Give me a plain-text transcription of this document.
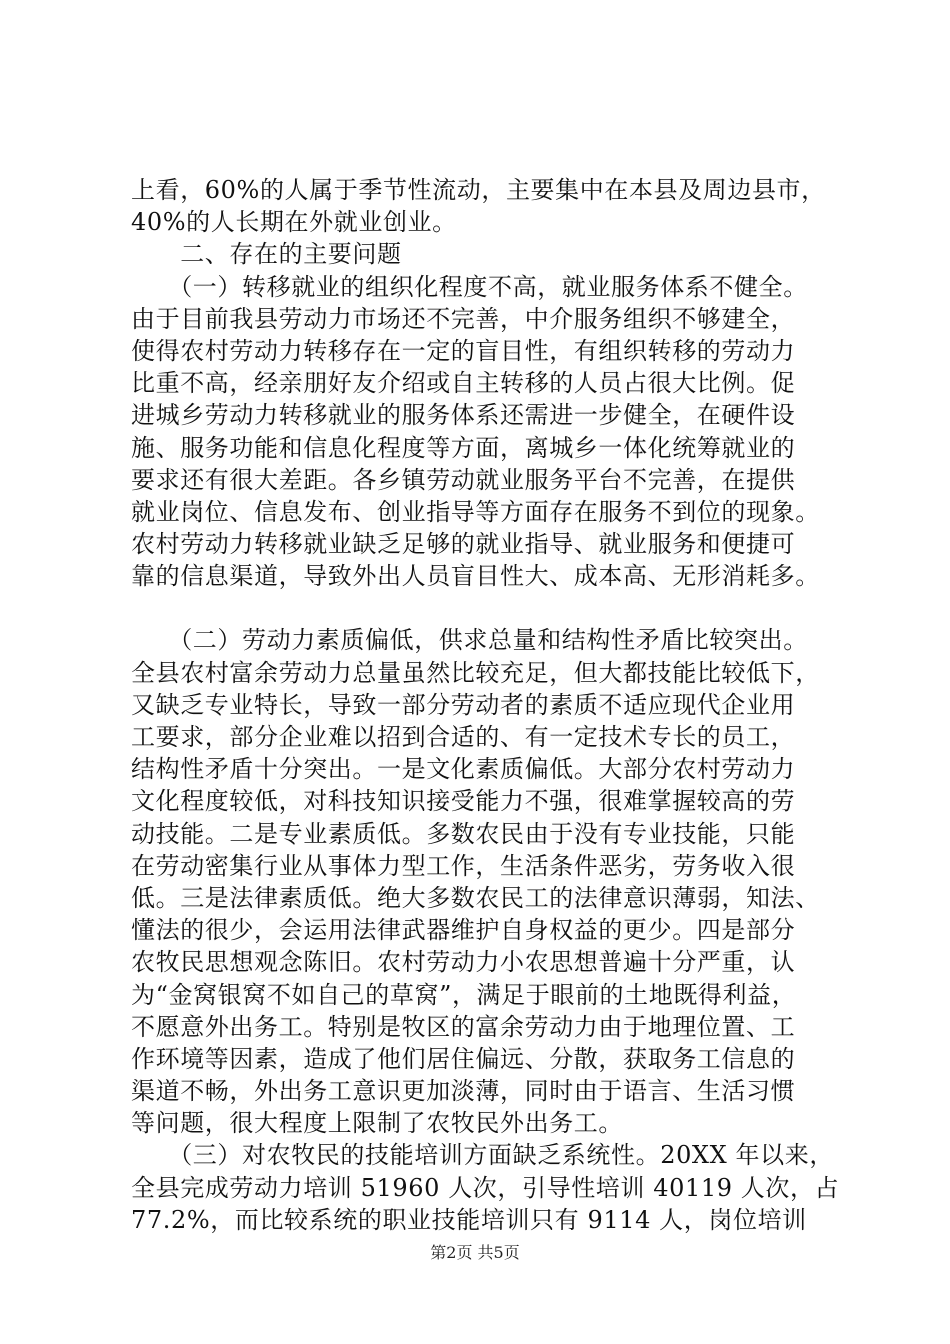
上看，60%的人属于季节性流动，主要集中在本县及周边县市，
40%的人长期在外就业创业。
　　二、存在的主要问题
　　（一）转移就业的组织化程度不高，就业服务体系不健全。
由于目前我县劳动力市场还不完善，中介服务组织不够建全，
使得农村劳动力转移存在一定的盲目性，有组织转移的劳动力
比重不高，经亲朋好友介绍或自主转移的人员占很大比例。促
进城乡劳动力转移就业的服务体系还需进一步健全，在硬件设
施、服务功能和信息化程度等方面，离城乡一体化统筹就业的
要求还有很大差距。各乡镇劳动就业服务平台不完善，在提供
就业岗位、信息发布、创业指导等方面存在服务不到位的现象。
农村劳动力转移就业缺乏足够的就业指导、就业服务和便捷可
靠的信息渠道，导致外出人员盲目性大、成本高、无形消耗多。
　　（二）劳动力素质偏低，供求总量和结构性矛盾比较突出。
全县农村富余劳动力总量虽然比较充足，但大都技能比较低下，
又缺乏专业特长，导致一部分劳动者的素质不适应现代企业用
工要求，部分企业难以招到合适的、有一定技术专长的员工，
结构性矛盾十分突出。一是文化素质偏低。大部分农村劳动力
文化程度较低，对科技知识接受能力不强，很难掌握较高的劳
动技能。二是专业素质低。多数农民由于没有专业技能，只能
在劳动密集行业从事体力型工作，生活条件恶劣，劳务收入很
低。三是法律素质低。绝大多数农民工的法律意识薄弱，知法、
懂法的很少，会运用法律武器维护自身权益的更少。四是部分
农牧民思想观念陈旧。农村劳动力小农思想普遍十分严重，认
为“金窝银窝不如自己的草窝”，满足于眼前的土地既得利益，
不愿意外出务工。特别是牧区的富余劳动力由于地理位置、工
作环境等因素，造成了他们居住偏远、分散，获取务工信息的
渠道不畅，外出务工意识更加淡薄，同时由于语言、生活习惯
等问题，很大程度上限制了农牧民外出务工。
　　（三）对农牧民的技能培训方面缺乏系统性。20XX 年以来，
全县完成劳动力培训 51960 人次，引导性培训 40119 人次，占
77.2%，而比较系统的职业技能培训只有 9114 人，岗位培训
第2页 共5页
